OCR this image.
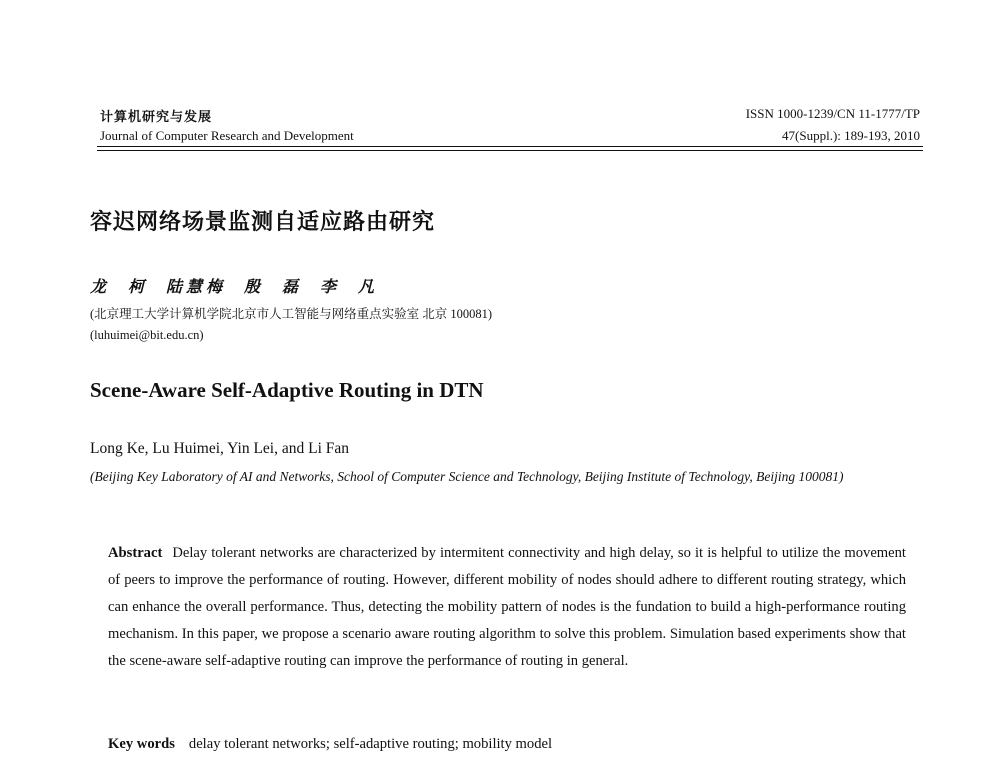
计算机研究与发展
Journal of Computer Research and Development
ISSN 1000-1239/CN 11-1777/TP
47(Suppl.): 189-193, 2010
容迟网络场景监测自适应路由研究
龙 柯 陆慧梅 殷 磊 李 凡
(北京理工大学计算机学院北京市人工智能与网络重点实验室 北京 100081)
(luhuimei@bit.edu.cn)
Scene-Aware Self-Adaptive Routing in DTN
Long Ke, Lu Huimei, Yin Lei, and Li Fan
(Beijing Key Laboratory of AI and Networks, School of Computer Science and Technology, Beijing Institute of Technology, Beijing 100081)
Abstract Delay tolerant networks are characterized by intermitent connectivity and high delay, so it is helpful to utilize the movement of peers to improve the performance of routing. However, different mobility of nodes should adhere to different routing strategy, which can enhance the overall performance. Thus, detecting the mobility pattern of nodes is the fundation to build a high-performance routing mechanism. In this paper, we propose a scenario aware routing algorithm to solve this problem. Simulation based experiments show that the scene-aware self-adaptive routing can improve the performance of routing in general.
Key words delay tolerant networks; self-adaptive routing; mobility model
